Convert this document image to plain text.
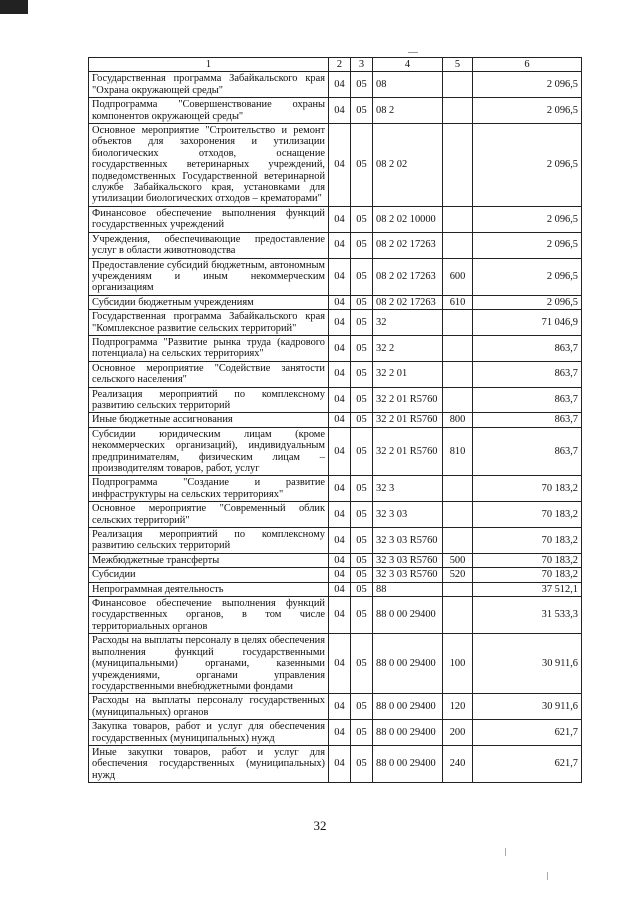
1	2	3	4	5	6
Государственная программа Забайкальского края "Охрана окружающей среды"	04	05	08		2 096,5
Подпрограмма "Совершенствование охраны компонентов окружающей среды"	04	05	08 2		2 096,5
Основное мероприятие "Строительство и ремонт объектов для захоронения и утилизации биологических отходов, оснащение государственных ветеринарных учреждений, подведомственных Государственной ветеринарной службе Забайкальского края, установками для утилизации биологических отходов – крематорами"	04	05	08 2 02		2 096,5
Финансовое обеспечение выполнения функций государственных учреждений	04	05	08 2 02 10000		2 096,5
Учреждения, обеспечивающие предоставление услуг в области животноводства	04	05	08 2 02 17263		2 096,5
Предоставление субсидий бюджетным, автономным учреждениям и иным некоммерческим организациям	04	05	08 2 02 17263	600	2 096,5
Субсидии бюджетным учреждениям	04	05	08 2 02 17263	610	2 096,5
Государственная программа Забайкальского края "Комплексное развитие сельских территорий"	04	05	32		71 046,9
Подпрограмма "Развитие рынка труда (кадрового потенциала) на сельских территориях"	04	05	32 2		863,7
Основное мероприятие "Содействие занятости сельского населения"	04	05	32 2 01		863,7
Реализация мероприятий по комплексному развитию сельских территорий	04	05	32 2 01 R5760		863,7
Иные бюджетные ассигнования	04	05	32 2 01 R5760	800	863,7
Субсидии юридическим лицам (кроме некоммерческих организаций), индивидуальным предпринимателям, физическим лицам – производителям товаров, работ, услуг	04	05	32 2 01 R5760	810	863,7
Подпрограмма "Создание и развитие инфраструктуры на сельских территориях"	04	05	32 3		70 183,2
Основное мероприятие "Современный облик сельских территорий"	04	05	32 3 03		70 183,2
Реализация мероприятий по комплексному развитию сельских территорий	04	05	32 3 03 R5760		70 183,2
Межбюджетные трансферты	04	05	32 3 03 R5760	500	70 183,2
Субсидии	04	05	32 3 03 R5760	520	70 183,2
Непрограммная деятельность	04	05	88		37 512,1
Финансовое обеспечение выполнения функций государственных органов, в том числе территориальных органов	04	05	88 0 00 29400		31 533,3
Расходы на выплаты персоналу в целях обеспечения выполнения функций государственными (муниципальными) органами, казенными учреждениями, органами управления государственными внебюджетными фондами	04	05	88 0 00 29400	100	30 911,6
Расходы на выплаты персоналу государственных (муниципальных) органов	04	05	88 0 00 29400	120	30 911,6
Закупка товаров, работ и услуг для обеспечения государственных (муниципальных) нужд	04	05	88 0 00 29400	200	621,7
Иные закупки товаров, работ и услуг для обеспечения государственных (муниципальных) нужд	04	05	88 0 00 29400	240	621,7
32
